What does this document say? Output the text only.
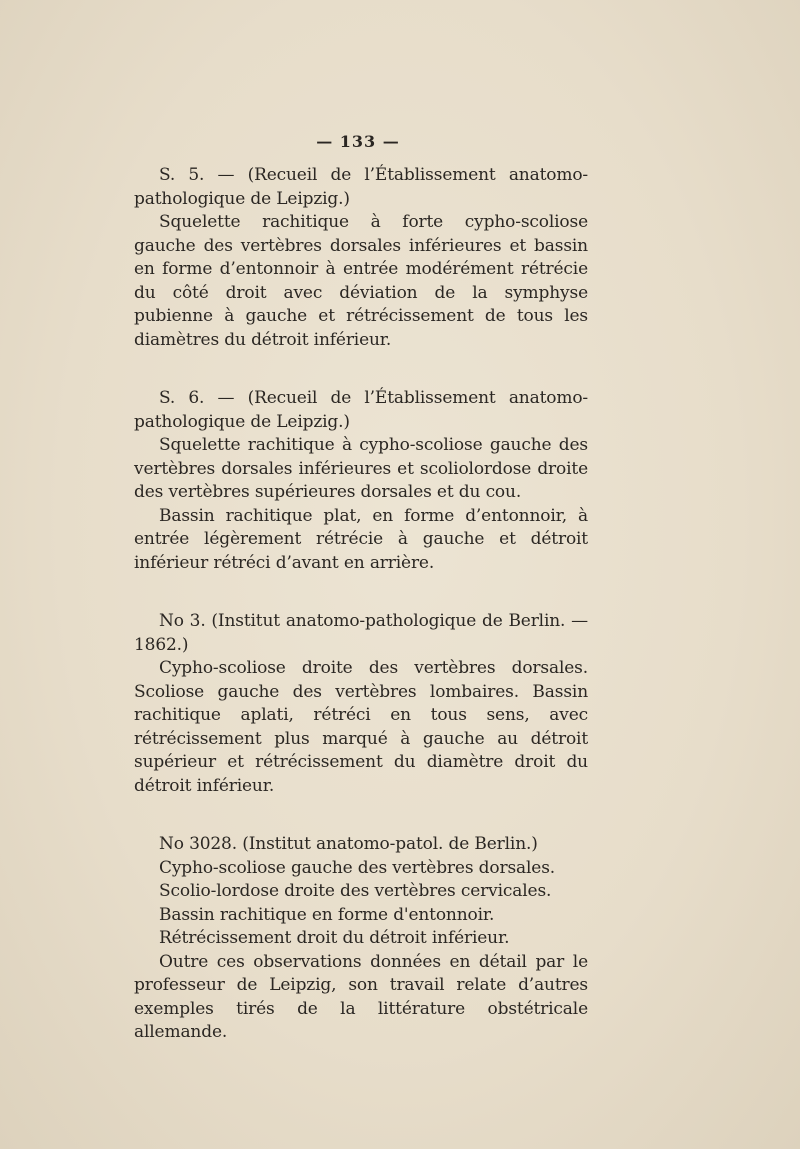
— 133 —

S. 5. — (Recueil de l’Établissement anatomo-pathologique de Leipzig.)

Squelette rachitique à forte cypho-scoliose gauche des vertèbres dorsales inférieures et bassin en forme d’entonnoir à entrée modérément rétrécie du côté droit avec déviation de la symphyse pubienne à gauche et rétrécissement de tous les diamètres du détroit inférieur.

S. 6. — (Recueil de l’Établissement anatomo- pathologique de Leipzig.)

Squelette rachitique à cypho-scoliose gauche des vertèbres dorsales inférieures et scoliolordose droite des vertèbres supérieures dorsales et du cou.

Bassin rachitique plat, en forme d’entonnoir, à entrée légèrement rétrécie à gauche et détroit inférieur rétréci d’avant en arrière.

No 3. (Institut anatomo-pathologique de Berlin. — 1862.)

Cypho-scoliose droite des vertèbres dorsales. Scoliose gauche des vertèbres lombaires. Bassin rachitique aplati, rétréci en tous sens, avec rétrécissement plus marqué à gauche au détroit supérieur et rétrécissement du diamètre droit du détroit inférieur.

No 3028. (Institut anatomo-patol. de Berlin.)

Cypho-scoliose gauche des vertèbres dorsales.

Scolio-lordose droite des vertèbres cervicales.

Bassin rachitique en forme d'entonnoir.

Rétrécissement droit du détroit inférieur.

Outre ces observations données en détail par le professeur de Leipzig, son travail relate d’autres exemples tirés de la littérature obstétricale allemande.
